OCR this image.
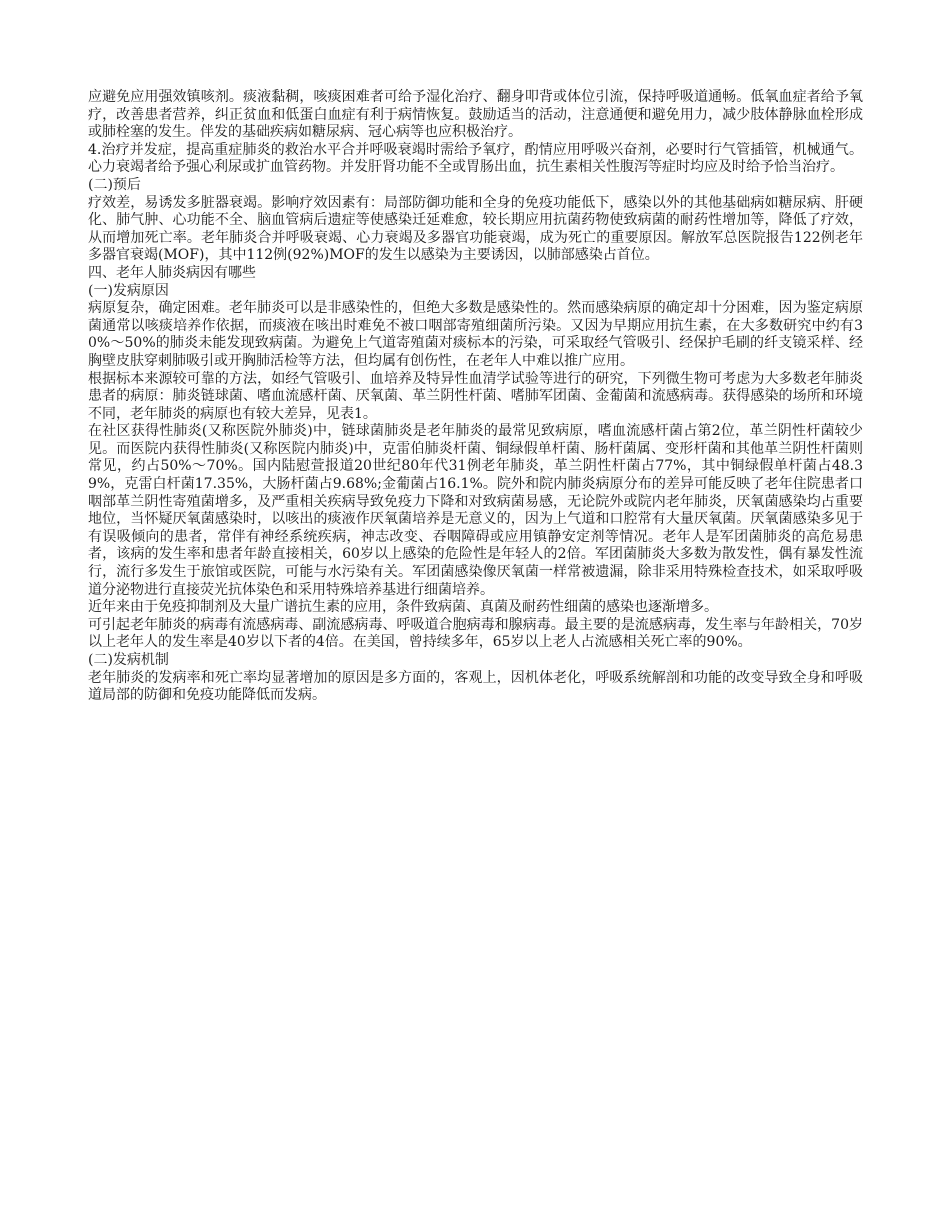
应避免应用强效镇咳剂。痰液黏稠，咳痰困难者可给予湿化治疗、翻身叩背或体位引流，保持呼吸道通畅。低氧血症者给予氧疗，改善患者营养，纠正贫血和低蛋白血症有利于病情恢复。鼓励适当的活动，注意通便和避免用力，减少肢体静脉血栓形成或肺栓塞的发生。伴发的基础疾病如糖尿病、冠心病等也应积极治疗。

4.治疗并发症，提高重症肺炎的救治水平合并呼吸衰竭时需给予氧疗，酌情应用呼吸兴奋剂，必要时行气管插管，机械通气。心力衰竭者给予强心利尿或扩血管药物。并发肝肾功能不全或胃肠出血，抗生素相关性腹泻等症时均应及时给予恰当治疗。

(二)预后

疗效差，易诱发多脏器衰竭。影响疗效因素有：局部防御功能和全身的免疫功能低下，感染以外的其他基础病如糖尿病、肝硬化、肺气肿、心功能不全、脑血管病后遗症等使感染迁延难愈，较长期应用抗菌药物使致病菌的耐药性增加等，降低了疗效，从而增加死亡率。老年肺炎合并呼吸衰竭、心力衰竭及多器官功能衰竭，成为死亡的重要原因。解放军总医院报告122例老年多器官衰竭(MOF)，其中112例(92%)MOF的发生以感染为主要诱因，以肺部感染占首位。

四、老年人肺炎病因有哪些

(一)发病原因

病原复杂，确定困难。老年肺炎可以是非感染性的，但绝大多数是感染性的。然而感染病原的确定却十分困难，因为鉴定病原菌通常以咳痰培养作依据，而痰液在咳出时难免不被口咽部寄殖细菌所污染。又因为早期应用抗生素，在大多数研究中约有30%～50%的肺炎未能发现致病菌。为避免上气道寄殖菌对痰标本的污染，可采取经气管吸引、经保护毛刷的纤支镜采样、经胸壁皮肤穿刺肺吸引或开胸肺活检等方法，但均属有创伤性，在老年人中难以推广应用。

根据标本来源较可靠的方法，如经气管吸引、血培养及特异性血清学试验等进行的研究，下列微生物可考虑为大多数老年肺炎患者的病原：肺炎链球菌、嗜血流感杆菌、厌氧菌、革兰阴性杆菌、嗜肺军团菌、金葡菌和流感病毒。获得感染的场所和环境不同，老年肺炎的病原也有较大差异，见表1。

在社区获得性肺炎(又称医院外肺炎)中，链球菌肺炎是老年肺炎的最常见致病原，嗜血流感杆菌占第2位，革兰阴性杆菌较少见。而医院内获得性肺炎(又称医院内肺炎)中，克雷伯肺炎杆菌、铜绿假单杆菌、肠杆菌属、变形杆菌和其他革兰阴性杆菌则常见，约占50%～70%。国内陆慰萱报道20世纪80年代31例老年肺炎，革兰阴性杆菌占77%，其中铜绿假单杆菌占48.39%，克雷白杆菌17.35%，大肠杆菌占9.68%;金葡菌占16.1%。院外和院内肺炎病原分布的差异可能反映了老年住院患者口咽部革兰阴性寄殖菌增多，及严重相关疾病导致免疫力下降和对致病菌易感，无论院外或院内老年肺炎，厌氧菌感染均占重要地位，当怀疑厌氧菌感染时，以咳出的痰液作厌氧菌培养是无意义的，因为上气道和口腔常有大量厌氧菌。厌氧菌感染多见于有误吸倾向的患者，常伴有神经系统疾病，神志改变、吞咽障碍或应用镇静安定剂等情况。老年人是军团菌肺炎的高危易患者，该病的发生率和患者年龄直接相关，60岁以上感染的危险性是年轻人的2倍。军团菌肺炎大多数为散发性，偶有暴发性流行，流行多发生于旅馆或医院，可能与水污染有关。军团菌感染像厌氧菌一样常被遗漏，除非采用特殊检查技术，如采取呼吸道分泌物进行直接荧光抗体染色和采用特殊培养基进行细菌培养。

近年来由于免疫抑制剂及大量广谱抗生素的应用，条件致病菌、真菌及耐药性细菌的感染也逐渐增多。

可引起老年肺炎的病毒有流感病毒、副流感病毒、呼吸道合胞病毒和腺病毒。最主要的是流感病毒，发生率与年龄相关，70岁以上老年人的发生率是40岁以下者的4倍。在美国，曾持续多年，65岁以上老人占流感相关死亡率的90%。

(二)发病机制

老年肺炎的发病率和死亡率均显著增加的原因是多方面的，客观上，因机体老化，呼吸系统解剖和功能的改变导致全身和呼吸道局部的防御和免疫功能降低而发病。
